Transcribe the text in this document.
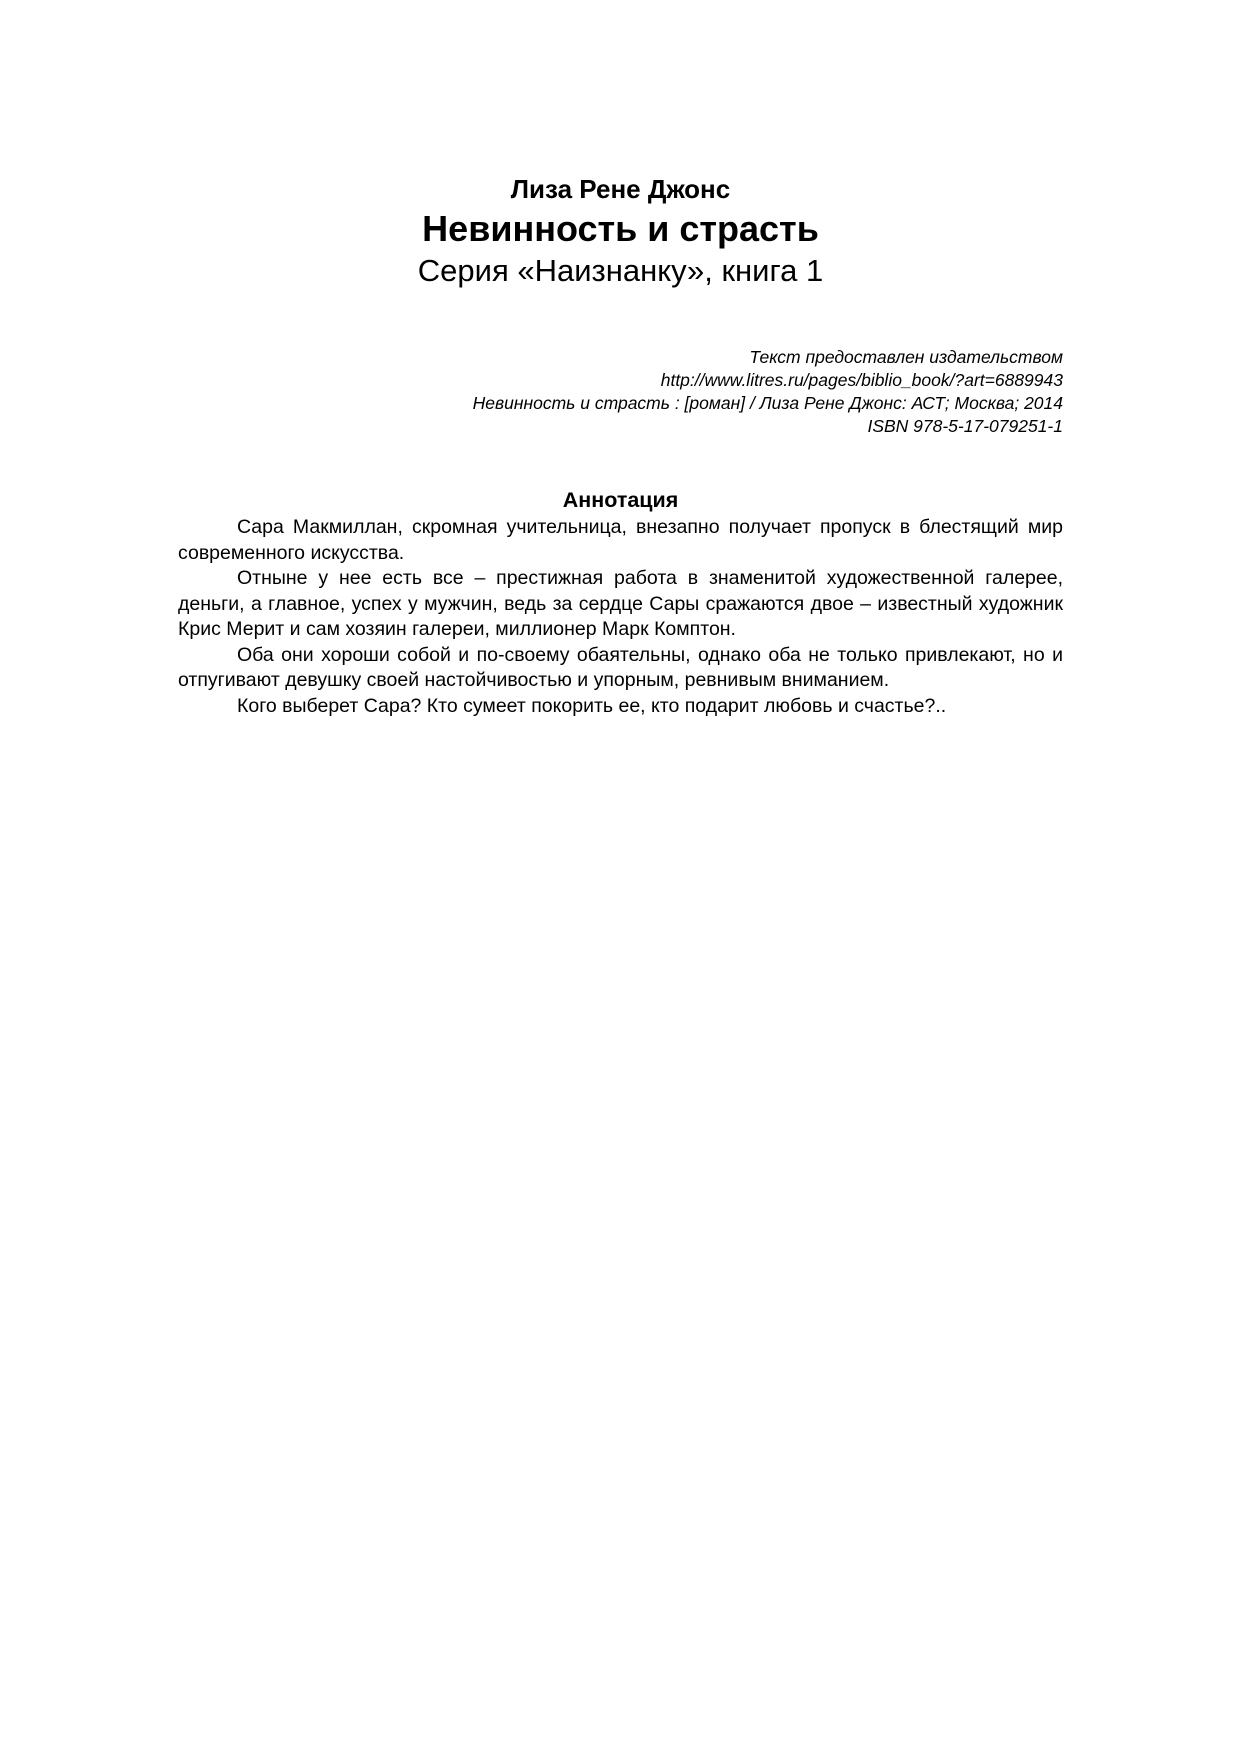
Лиза Рене Джонс
Невинность и страсть
Серия «Наизнанку», книга 1
Текст предоставлен издательством
http://www.litres.ru/pages/biblio_book/?art=6889943
Невинность и страсть : [роман] / Лиза Рене Джонс: АСТ; Москва; 2014
ISBN 978-5-17-079251-1
Аннотация

Сара Макмиллан, скромная учительница, внезапно получает пропуск в блестящий мир современного искусства.

Отныне у нее есть все – престижная работа в знаменитой художественной галерее, деньги, а главное, успех у мужчин, ведь за сердце Сары сражаются двое – известный художник Крис Мерит и сам хозяин галереи, миллионер Марк Комптон.

Оба они хороши собой и по-своему обаятельны, однако оба не только привлекают, но и отпугивают девушку своей настойчивостью и упорным, ревнивым вниманием.

Кого выберет Сара? Кто сумеет покорить ее, кто подарит любовь и счастье?..
